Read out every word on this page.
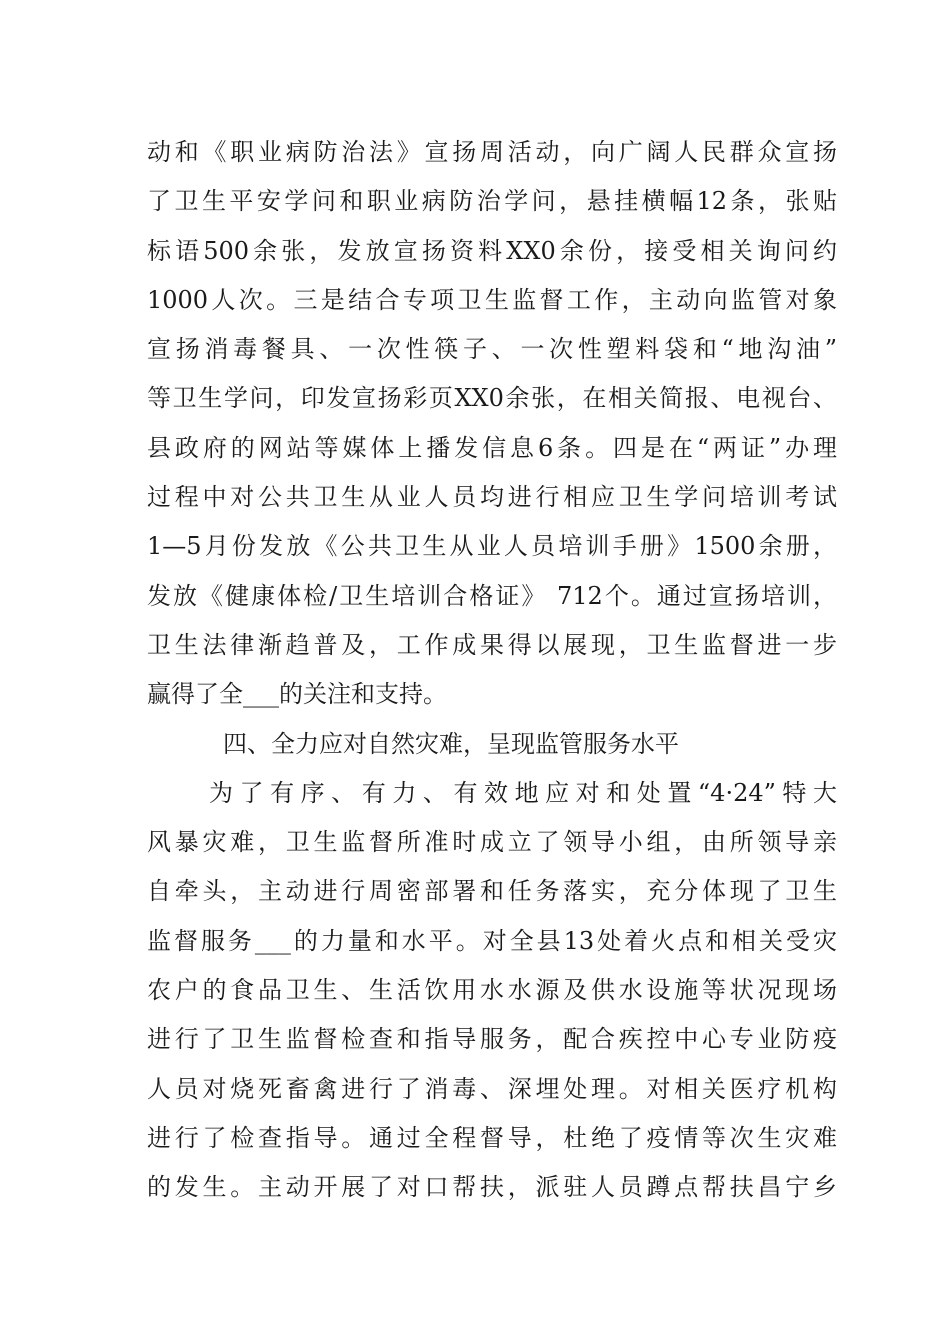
动和《职业病防治法》宣扬周活动，向广阔人民群众宣扬
了卫生平安学问和职业病防治学问，悬挂横幅12条，张贴
标语500余张，发放宣扬资料XX0余份，接受相关询问约
1000人次。三是结合专项卫生监督工作，主动向监管对象
宣扬消毒餐具、一次性筷子、一次性塑料袋和“地沟油”
等卫生学问，印发宣扬彩页XX0余张，在相关简报、电视台、
县政府的网站等媒体上播发信息6条。四是在“两证”办理
过程中对公共卫生从业人员均进行相应卫生学问培训考试
1—5月份发放《公共卫生从业人员培训手册》1500余册，
发放《健康体检/卫生培训合格证》 712个。通过宣扬培训，
卫生法律渐趋普及，工作成果得以展现，卫生监督进一步
赢得了全___的关注和支持。
四、全力应对自然灾难，呈现监管服务水平
为了有序、有力、有效地应对和处置“4·24”特大
风暴灾难，卫生监督所准时成立了领导小组，由所领导亲
自牵头，主动进行周密部署和任务落实，充分体现了卫生
监督服务___的力量和水平。对全县13处着火点和相关受灾
农户的食品卫生、生活饮用水水源及供水设施等状况现场
进行了卫生监督检查和指导服务，配合疾控中心专业防疫
人员对烧死畜禽进行了消毒、深埋处理。对相关医疗机构
进行了检查指导。通过全程督导，杜绝了疫情等次生灾难
的发生。主动开展了对口帮扶，派驻人员蹲点帮扶昌宁乡
